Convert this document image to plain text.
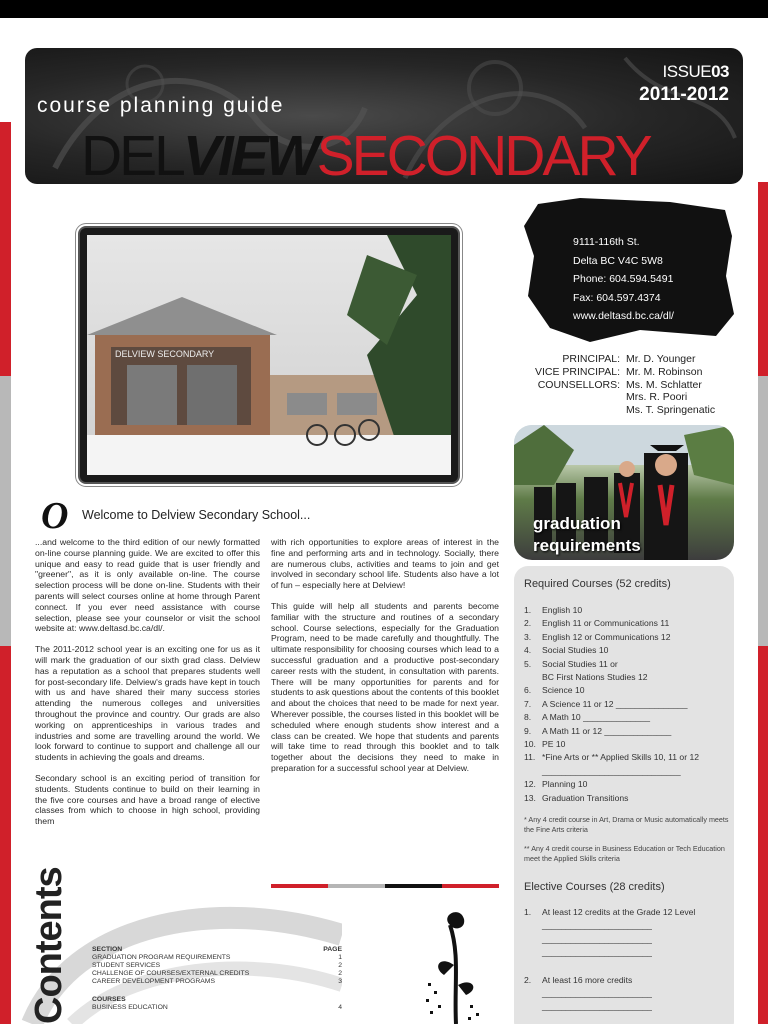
ISSUE03
2011-2012
course planning guide
DELVIEWSECONDARY
DELVIEW SECONDARY
9111-116th St.
Delta BC V4C 5W8
Phone: 604.594.5491
Fax: 604.597.4374
www.deltasd.bc.ca/dl/
PRINCIPAL: Mr. D. Younger
VICE PRINCIPAL: Mr. M. Robinson
COUNSELLORS: Ms. M. Schlatter
Mrs. R. Poori
Ms. T. Springenatic
graduation
requirements
Required Courses (52 credits)
1.	English 10
2.	English 11 or Communications 11
3.	English 12 or Communications 12
4.	Social Studies 10
5.	Social Studies 11 or
BC First Nations Studies 12
6.	Science 10
7.	A Science 11 or 12 _______________
8.	A Math 10 ______________
9.	A Math 11 or 12 ______________
10. PE 10
11. *Fine Arts or ** Applied Skills 10, 11 or 12
_____________________________
12. Planning 10
13. Graduation Transitions
* Any 4 credit course in Art, Drama or Music automatically meets the Fine Arts criteria
** Any 4 credit course in Business Education or Tech Education meet the Applied Skills criteria
Elective Courses (28 credits)
1.	At least 12 credits at the Grade 12 Level
_______________________
_______________________
_______________________
2.	At least 16 more credits
_______________________
_______________________
_______________________
O Welcome to Delview Secondary School...

...and welcome to the third edition of our newly formatted on-line course planning guide. We are excited to offer this unique and easy to read guide that is user friendly and "greener", as it is only available on-line. The course selection process will be done on-line. Students with their parents will select courses online at home through Parent connect. If you ever need assistance with course selection, please see your counselor or visit the school website at: www.deltasd.bc.ca/dl/.

The 2011-2012 school year is an exciting one for us as it will mark the graduation of our sixth grad class. Delview has a reputation as a school that prepares students well for post-secondary life. Delview's grads have kept in touch with us and have shared their many success stories attending the numerous colleges and universities throughout the province and country. Our grads are also working on apprenticeships in various trades and industries and some are travelling around the world. We look forward to continue to support and challenge all our students in achieving the goals and dreams.

Secondary school is an exciting period of transition for students. Students continue to build on their learning in the five core courses and have a broad range of elective classes from which to choose in high school, providing them

with rich opportunities to explore areas of interest in the fine and performing arts and in technology. Socially, there are numerous clubs, activities and teams to join and get involved in secondary school life. Students also have a lot of fun – especially here at Delview!

This guide will help all students and parents become familiar with the structure and routines of a secondary school. Course selections, especially for the Graduation Program, need to be made carefully and thoughtfully. The ultimate responsibility for choosing courses which lead to a successful graduation and a productive post-secondary career rests with the student, in consultation with parents. There will be many opportunities for parents and for students to ask questions about the contents of this booklet and about the choices that need to be made for next year. Wherever possible, the courses listed in this booklet will be scheduled where enough students show interest and a class can be created. We hope that students and parents will take time to read through this booklet and to talk together about the decisions they need to make in preparation for a successful school year at Delview.

Contents	SECTION	PAGE
GRADUATION PROGRAM REQUIREMENTS	1
STUDENT SERVICES	2
CHALLENGE OF COURSES/EXTERNAL CREDITS	2
CAREER DEVELOPMENT PROGRAMS	3
COURSES
BUSINESS EDUCATION	4
